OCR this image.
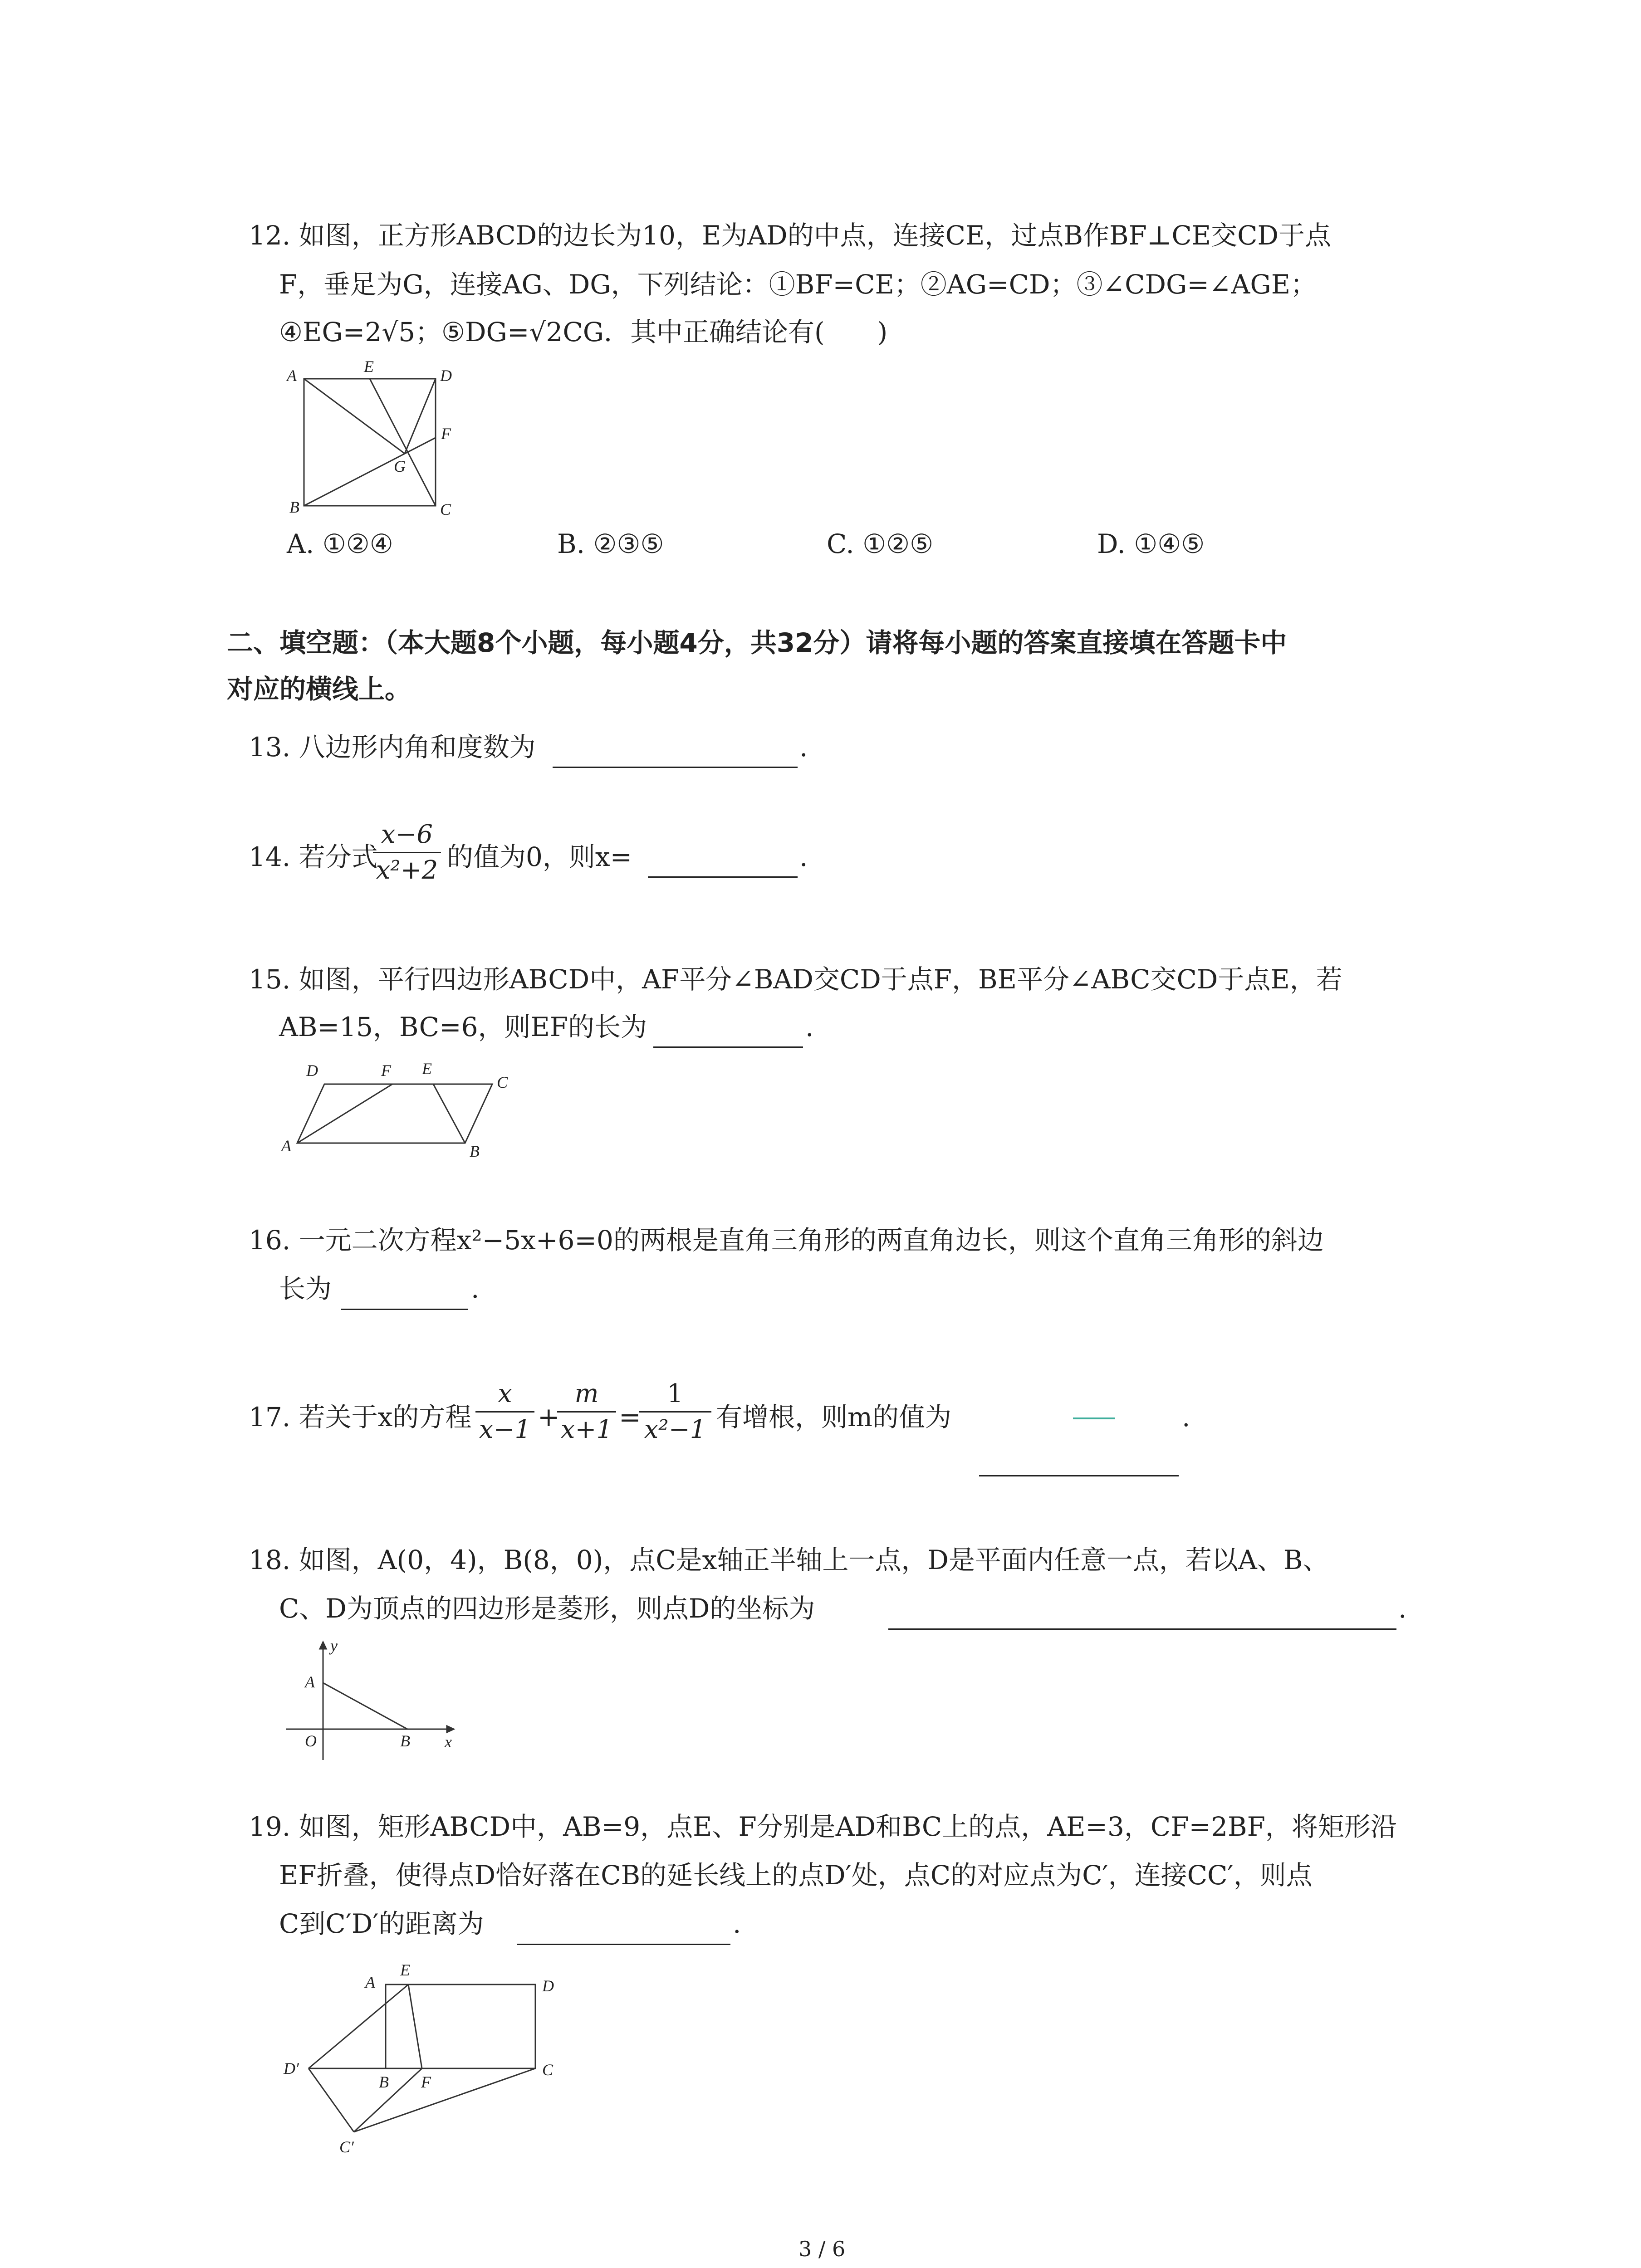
12. 如图，正方形ABCD的边长为10，E为AD的中点，连接CE，过点B作BF⊥CE交CD于点
F，垂足为G，连接AG、DG，下列结论：①BF=CE；②AG=CD；③∠CDG=∠AGE；
④EG=2√5；⑤DG=√2CG．其中正确结论有(　　)
A	E	D
F
G
B	C
A. ①②④	B. ②③⑤	C. ①②⑤	D. ①④⑤
二、填空题：（本大题8个小题，每小题4分，共32分）请将每小题的答案直接填在答题卡中
对应的横线上。
13. 八边形内角和度数为	.
14. 若分式
x−6
x²+2 的值为0，则x=	.
15. 如图，平行四边形ABCD中，AF平分∠BAD交CD于点F，BE平分∠ABC交CD于点E，若
AB=15，BC=6，则EF的长为	.
D	F E
C
A	B
16. 一元二次方程x²−5x+6=0的两根是直角三角形的两直角边长，则这个直角三角形的斜边
长为	.
17. 若关于x的方程
x
x−1 +
m
x+1 =
1
x²−1 有增根，则m的值为	.
18. 如图，A(0，4)，B(8，0)，点C是x轴正半轴上一点，D是平面内任意一点，若以A、B、
C、D为顶点的四边形是菱形，则点D的坐标为	.
y
A
O	B x
19. 如图，矩形ABCD中，AB=9，点E、F分别是AD和BC上的点，AE=3，CF=2BF，将矩形沿
EF折叠，使得点D恰好落在CB的延长线上的点D′处，点C的对应点为C′，连接CC′，则点
C到C′D′的距离为	.
A
E
D
D′
B F
C
C′
3 / 6
